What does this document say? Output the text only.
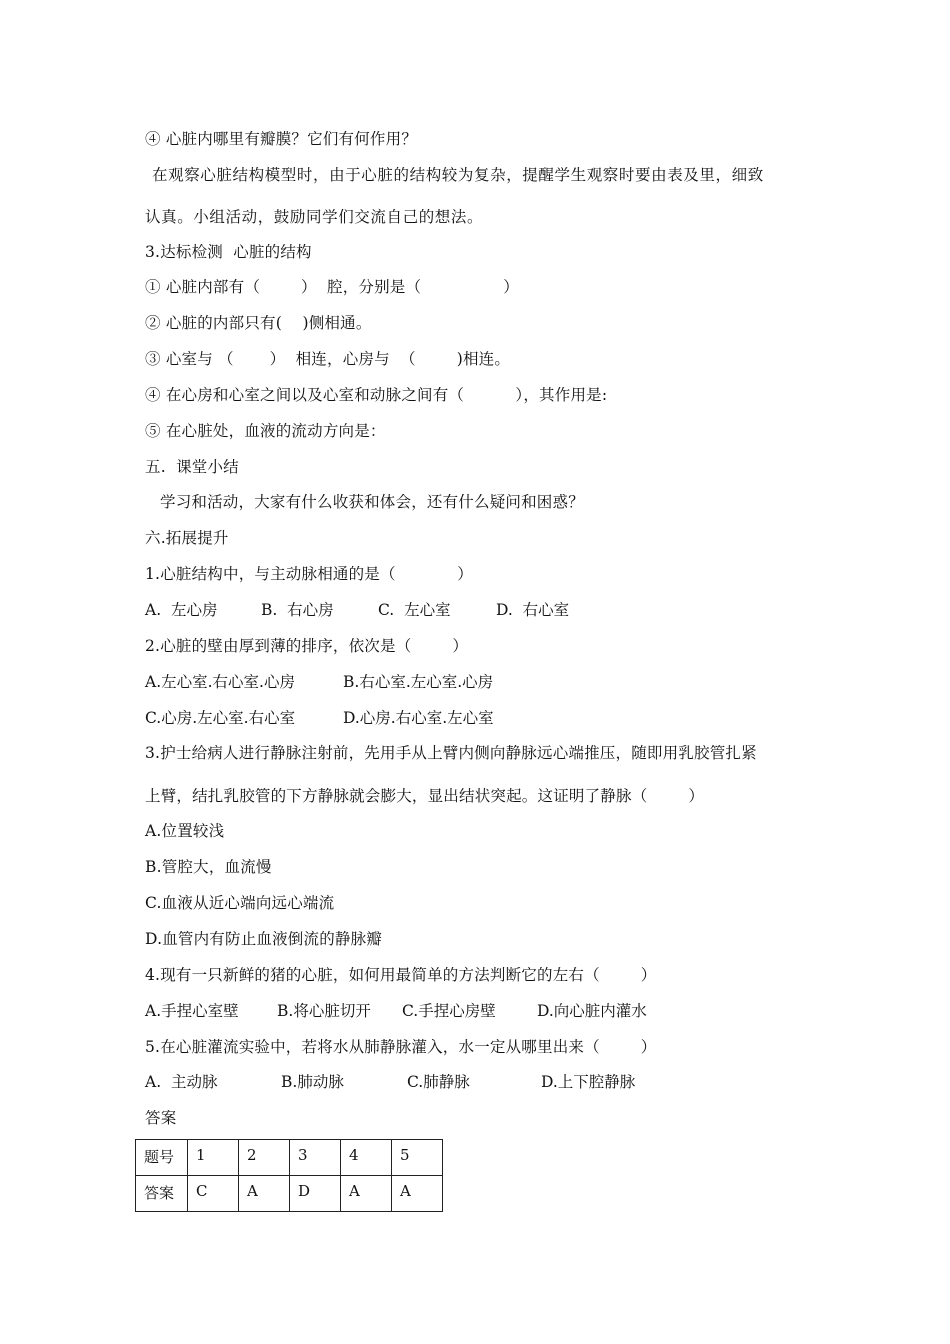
④ 心脏内哪里有瓣膜？它们有何作用？
在观察心脏结构模型时，由于心脏的结构较为复杂，提醒学生观察时要由表及里，细致
认真。小组活动，鼓励同学们交流自己的想法。
3.达标检测  心脏的结构
① 心脏内部有（        ）  腔，分别是（                ）
② 心脏的内部只有(    )侧相通。
③ 心室与 （       ）  相连，心房与  （        )相连。
④ 在心房和心室之间以及心室和动脉之间有（          ），其作用是:
⑤ 在心脏处，血液的流动方向是：
五.  课堂小结
学习和活动，大家有什么收获和体会，还有什么疑问和困惑？
六.拓展提升
1.心脏结构中，与主动脉相通的是（            ）

A.  左心房

	B.  右心房

	C.  左心室

	D.  右心室

2.心脏的壁由厚到薄的排序，依次是（        ）

A.左心室.右心室.心房

	B.右心室.左心室.心房

C.心房.左心室.右心室

	D.心房.右心室.左心室

3.护士给病人进行静脉注射前，先用手从上臂内侧向静脉远心端推压，随即用乳胶管扎紧
上臂，结扎乳胶管的下方静脉就会膨大，显出结状突起。这证明了静脉（        ）
A.位置较浅
B.管腔大，血流慢
C.血液从近心端向远心端流
D.血管内有防止血液倒流的静脉瓣
4.现有一只新鲜的猪的心脏，如何用最简单的方法判断它的左右（        ）

A.手捏心室壁

B.将心脏切开

C.手捏心房壁

	D.向心脏内灌水

5.在心脏灌流实验中，若将水从肺静脉灌入，水一定从哪里出来（        ）

A.  主动脉

	B.肺动脉

	C.肺静脉

	D.上下腔静脉

答案
题号	1	2	3	4	5
答案	C	A	D	A	A
